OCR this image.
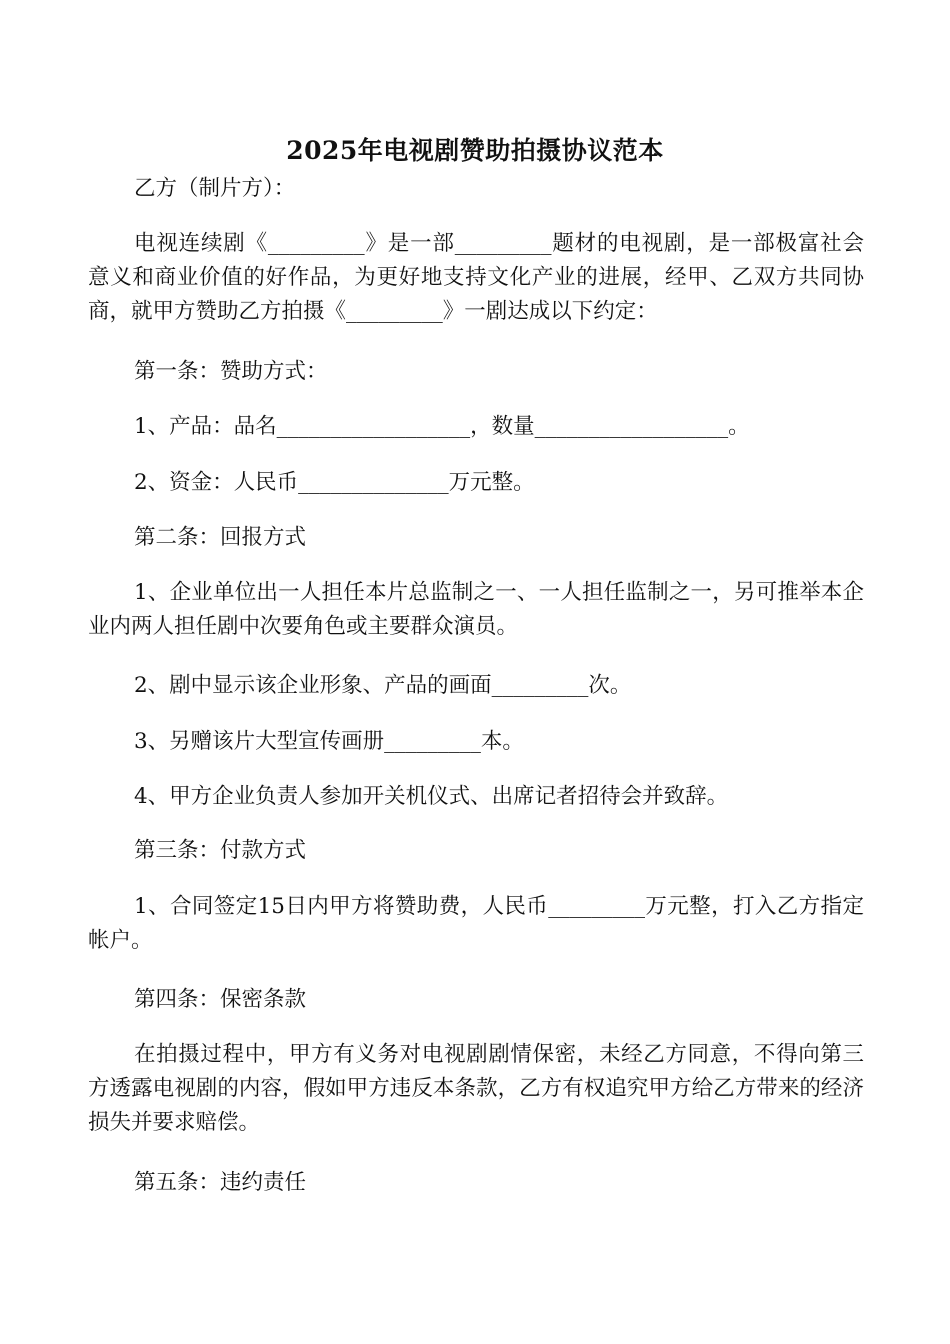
2025年电视剧赞助拍摄协议范本

乙方（制片方）：

电视连续剧《_________》是一部_________题材的电视剧，是一部极富社会意义和商业价值的好作品，为更好地支持文化产业的进展，经甲、乙双方共同协商，就甲方赞助乙方拍摄《_________》一剧达成以下约定：

第一条：赞助方式：

1、产品：品名__________________，数量__________________。

2、资金：人民币______________万元整。

第二条：回报方式

1、企业单位出一人担任本片总监制之一、一人担任监制之一，另可推举本企业内两人担任剧中次要角色或主要群众演员。

2、剧中显示该企业形象、产品的画面_________次。

3、另赠该片大型宣传画册_________本。

4、甲方企业负责人参加开关机仪式、出席记者招待会并致辞。

第三条：付款方式

1、合同签定15日内甲方将赞助费，人民币_________万元整，打入乙方指定帐户。

第四条：保密条款

在拍摄过程中，甲方有义务对电视剧剧情保密，未经乙方同意，不得向第三方透露电视剧的内容，假如甲方违反本条款，乙方有权追究甲方给乙方带来的经济损失并要求赔偿。

第五条：违约责任
